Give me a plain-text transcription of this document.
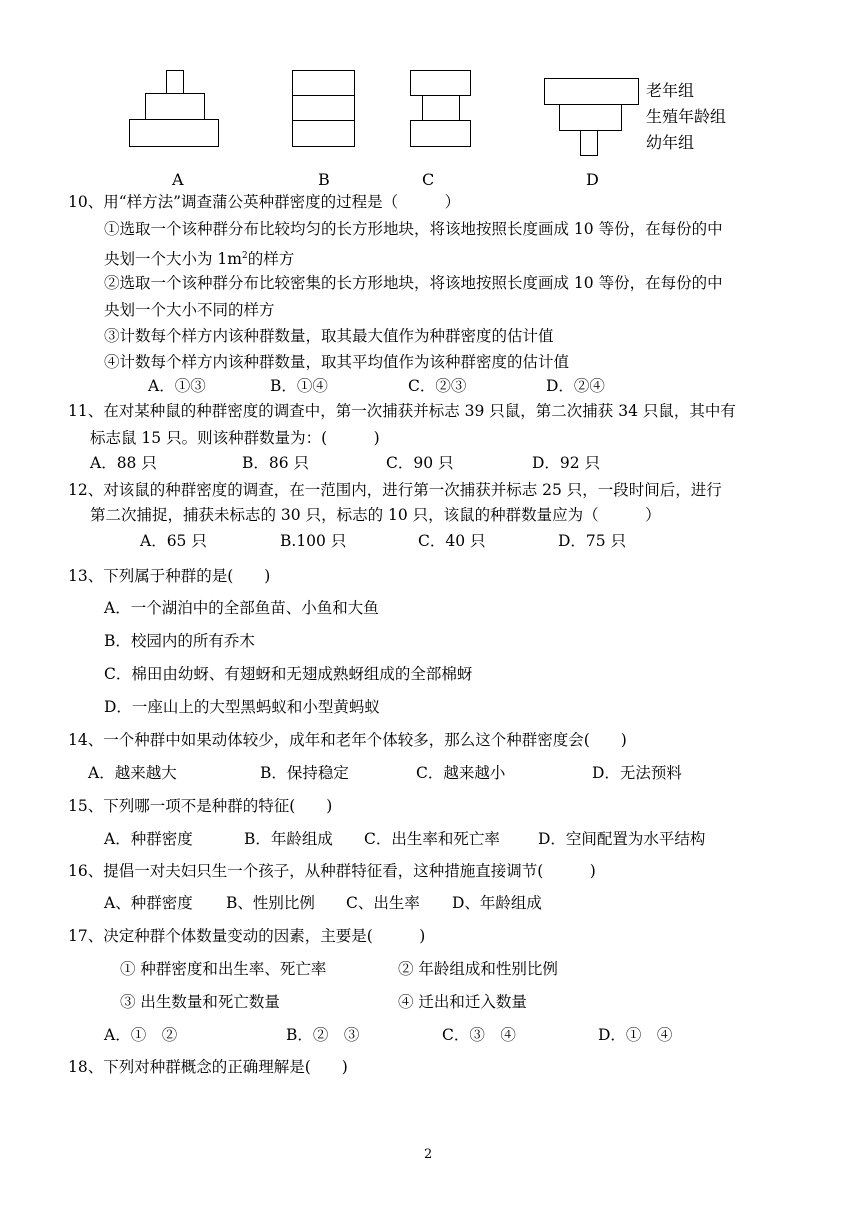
A	B	C	D
老年组
生殖年龄组
幼年组
10、用“样方法”调查蒲公英种群密度的过程是（　　　）
①选取一个该种群分布比较均匀的长方形地块，将该地按照长度画成 10 等份，在每份的中
央划一个大小为 $1m^2$的样方
②选取一个该种群分布比较密集的长方形地块，将该地按照长度画成 10 等份，在每份的中
央划一个大小不同的样方
③计数每个样方内该种群数量，取其最大值作为种群密度的估计值
④计数每个样方内该种群数量，取其平均值作为该种群密度的估计值
A．①③	B．①④	C．②③	D．②④
11、在对某种鼠的种群密度的调查中，第一次捕获并标志 39 只鼠，第二次捕获 34 只鼠，其中有
标志鼠 15 只。则该种群数量为：(　　　)
A．88 只	B．86 只	C．90 只	D．92 只
12、对该鼠的种群密度的调查，在一范围内，进行第一次捕获并标志 25 只，一段时间后，进行
第二次捕捉，捕获未标志的 30 只，标志的 10 只，该鼠的种群数量应为（　　　）
A．65 只	B.100 只	C．40 只	D．75 只
13、下列属于种群的是(　　)
A．一个湖泊中的全部鱼苗、小鱼和大鱼
B．校园内的所有乔木
C．棉田由幼蚜、有翅蚜和无翅成熟蚜组成的全部棉蚜
D．一座山上的大型黑蚂蚁和小型黄蚂蚁
14、一个种群中如果动体较少，成年和老年个体较多，那么这个种群密度会(　　)
A．越来越大	B．保持稳定	C．越来越小	D．无法预料
15、下列哪一项不是种群的特征(　　)
A．种群密度	B．年龄组成 C．出生率和死亡率 D．空间配置为水平结构
16、提倡一对夫妇只生一个孩子，从种群特征看，这种措施直接调节(　　　)
A、种群密度 B、性别比例 C、出生率 D、年龄组成
17、决定种群个体数量变动的因素，主要是(　　　)
① 种群密度和出生率、死亡率	② 年龄组成和性别比例
③ 出生数量和死亡数量	④ 迁出和迁入数量
A．①　②	B．②　③	C．③　④	D．①　④
18、下列对种群概念的正确理解是(　　)
2
